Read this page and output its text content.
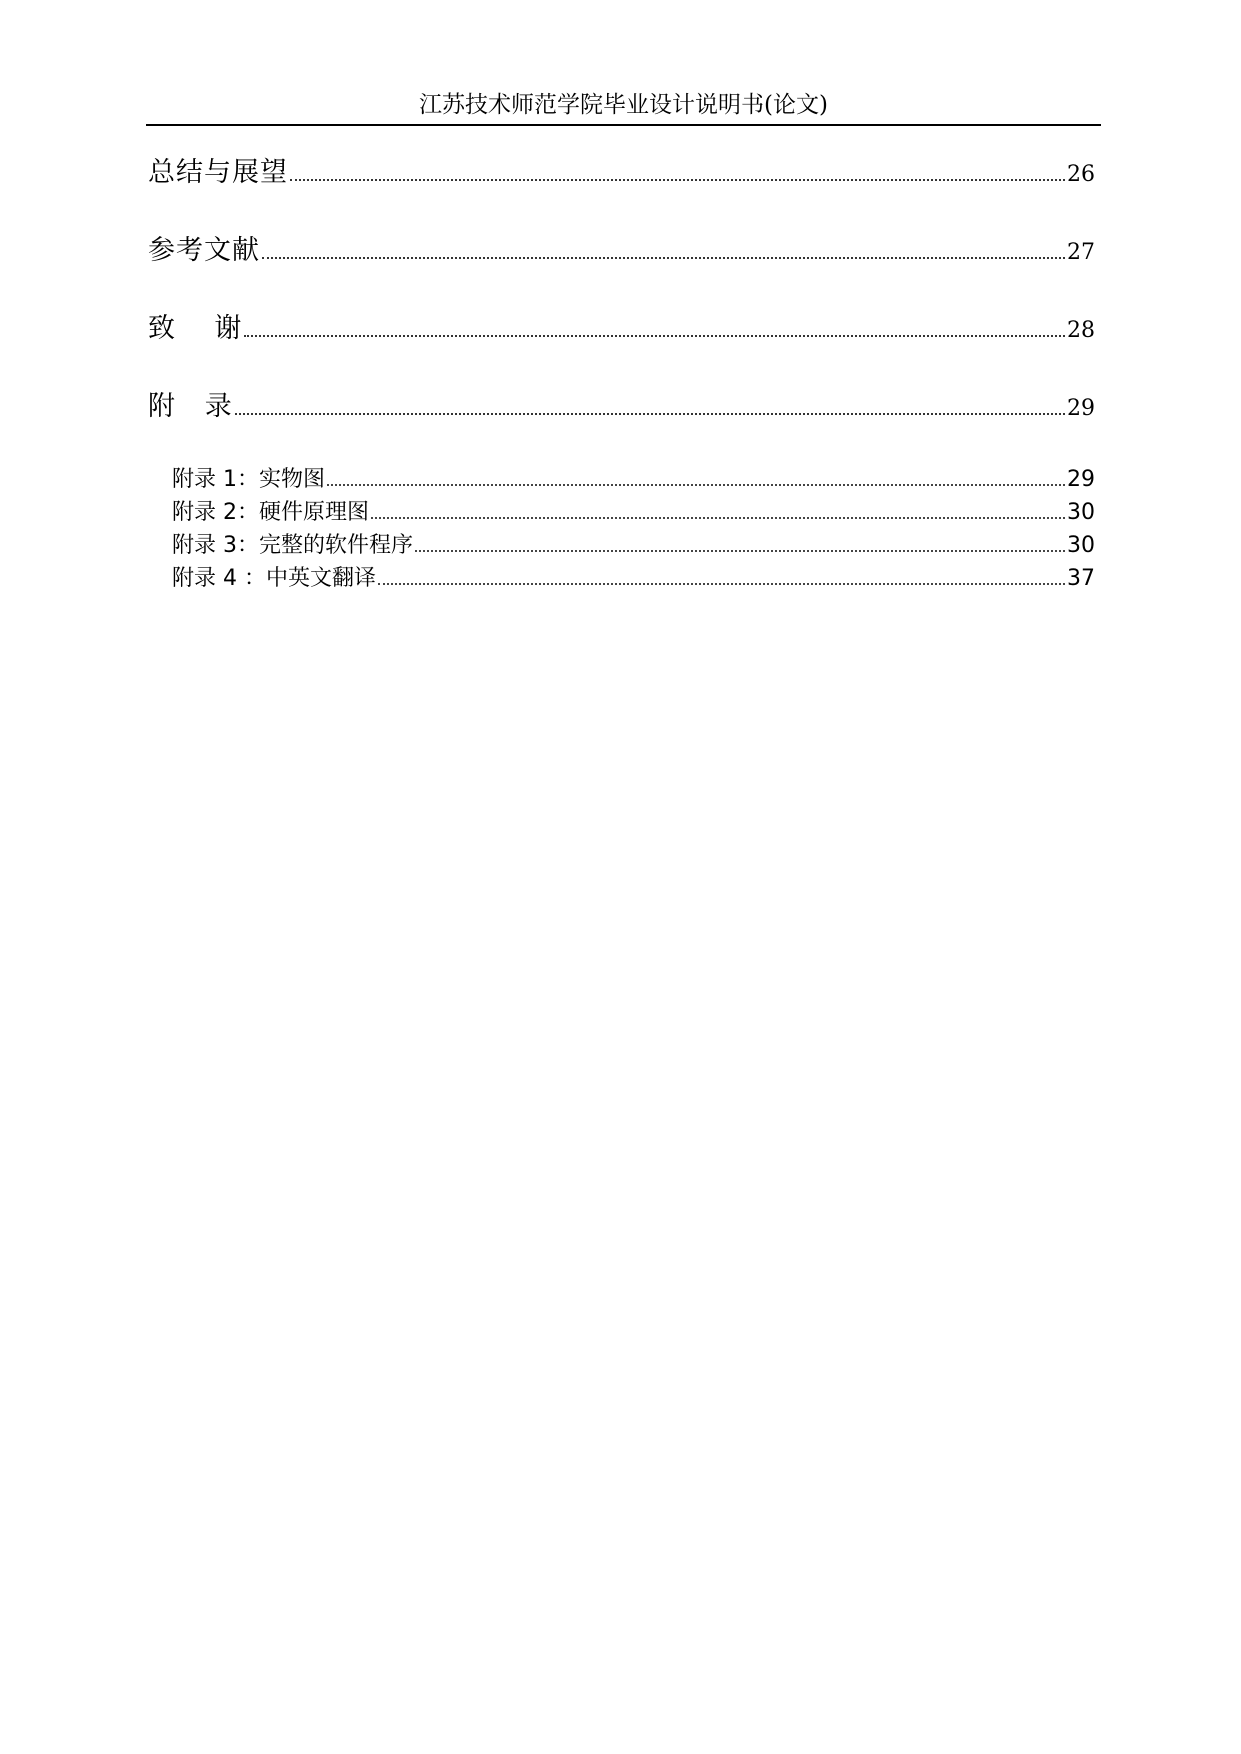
江苏技术师范学院毕业设计说明书(论文)
总结与展望	26
参考文献	27
致    谢	28
附   录	29
附录 1：实物图	29
附录 2：硬件原理图	30
附录 3：完整的软件程序	30
附录 4 ：中英文翻译	37
